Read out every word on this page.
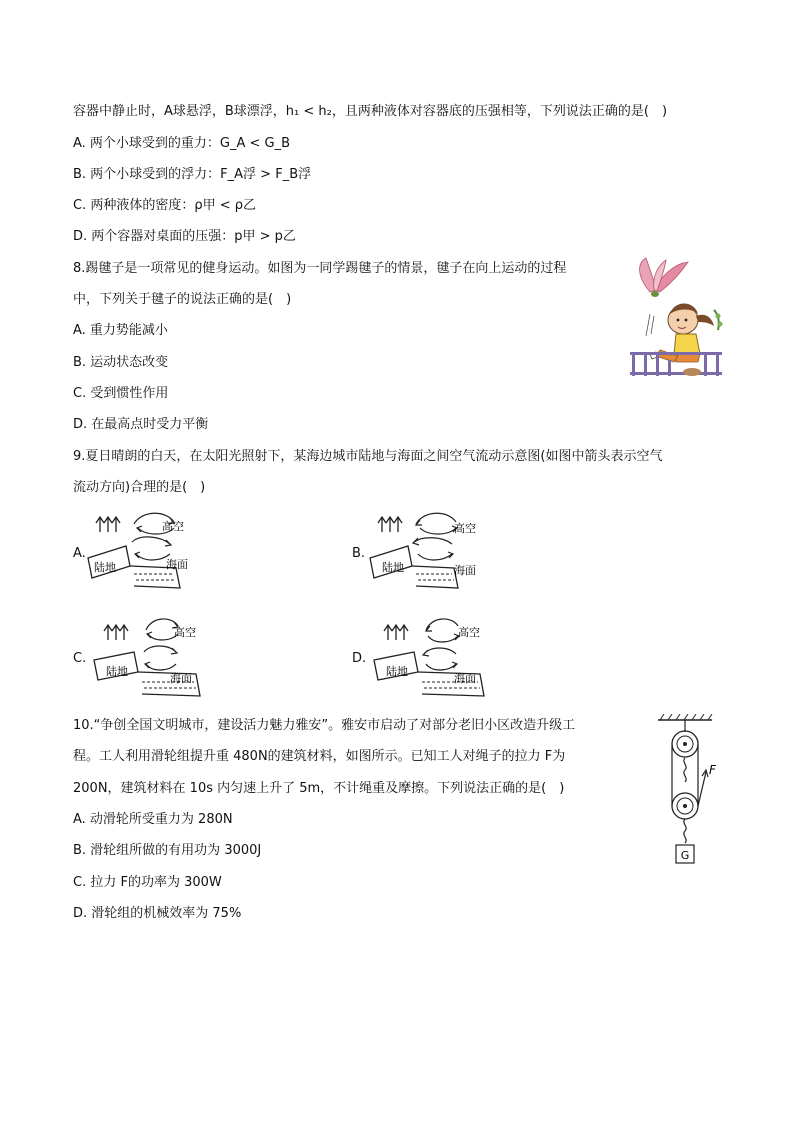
容器中静止时，A球悬浮，B球漂浮，h₁ < h₂，且两种液体对容器底的压强相等，下列说法正确的是(　)
A. 两个小球受到的重力：G_A < G_B
B. 两个小球受到的浮力：F_A浮 > F_B浮
C. 两种液体的密度：ρ甲 < ρ乙
D. 两个容器对桌面的压强：p甲 > p乙
8.踢毽子是一项常见的健身运动。如图为一同学踢毽子的情景，毽子在向上运动的过程
中，下列关于毽子的说法正确的是(　)
A. 重力势能减小
B. 运动状态改变
C. 受到惯性作用
D. 在最高点时受力平衡
9.夏日晴朗的白天，在太阳光照射下，某海边城市陆地与海面之间空气流动示意图(如图中箭头表示空气
流动方向)合理的是(　)
A.	B.
C.	D.
高空
陆地	海面
高空
陆地	海面
高空
陆地
海面
高空
陆地
海面
10.“争创全国文明城市，建设活力魅力雅安”。雅安市启动了对部分老旧小区改造升级工
程。工人利用滑轮组提升重 480N的建筑材料，如图所示。已知工人对绳子的拉力 F为
200N，建筑材料在 10s 内匀速上升了 5m，不计绳重及摩擦。下列说法正确的是(　)
A. 动滑轮所受重力为 280N
B. 滑轮组所做的有用功为 3000J
C. 拉力 F的功率为 300W
D. 滑轮组的机械效率为 75%
F
G
